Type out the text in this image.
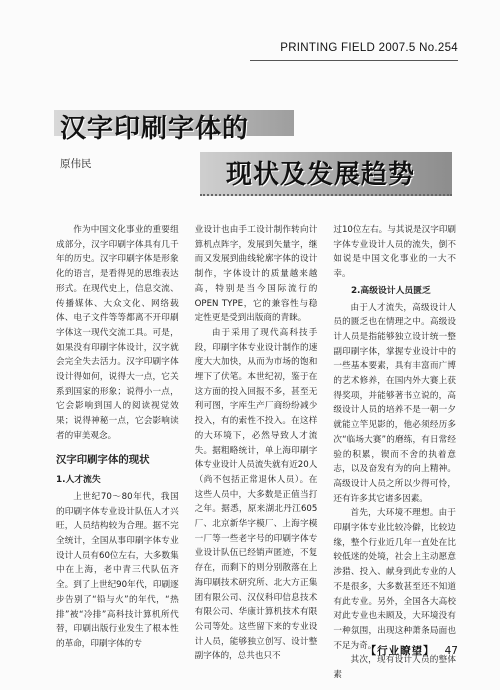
PRINTING FIELD 2007.5 No.254
汉字印刷字体的
现状及发展趋势
原伟民

作为中国文化事业的重要组成部分，汉字印刷字体具有几千年的历史。汉字印刷字体是形象化的语言，是看得见的思维表达形式。在现代史上，信息交流、传播媒体、大众文化、网络载体、电子文件等等都离不开印刷字体这一现代交流工具。可是，如果没有印刷字体设计，汉字就会完全失去活力。汉字印刷字体设计得如何，说得大一点，它关系到国家的形象；说得小一点，它会影响到国人的阅读视觉效果；说得神秘一点，它会影响读者的审美观念。

汉字印刷字体的现状
1.人才流失

上世纪70～80年代，我国的印刷字体专业设计队伍人才兴旺，人员结构较为合理。据不完全统计，全国从事印刷字体专业设计人员有60位左右，大多数集中在上海，老中青三代队伍齐全。到了上世纪90年代，印刷逐步告别了“铅与火”的年代，“热排”被“冷排”高科技计算机所代替，印刷出版行业发生了根本性的革命，印刷字体的专

业设计也由手工设计制作转向计算机点阵字，发展到矢量字，继而又发展到曲线轮廓字体的设计制作，字体设计的质量越来越高，特别是当今国际流行的OPEN TYPE，它的兼容性与稳定性更是受到出版商的青睐。

由于采用了现代高科技手段，印刷字体专业设计制作的速度大大加快，从而为市场的饱和埋下了伏笔。本世纪初，鉴于在这方面的投入回报不多，甚至无利可图，字库生产厂商纷纷减少投入，有的索性不投入。在这样的大环境下，必然导致人才流失。据粗略统计，单上海印刷字体专业设计人员流失就有近20人（尚不包括正常退休人员）。在这些人员中，大多数是正值当打之年。据悉，原来湖北丹江605厂、北京新华字模厂、上海字模一厂等一些老字号的印刷字体专业设计队伍已经销声匿迹，不复存在，而剩下的则分别散落在上海印刷技术研究所、北大方正集团有限公司、汉仪科印信息技术有限公司、华康计算机技术有限公司等处。这些留下来的专业设计人员，能够独立创写、设计整副字体的，总共也只不

过10位左右。与其说是汉字印刷字体专业设计人员的流失，倒不如说是中国文化事业的一大不幸。

2.高级设计人员匮乏

由于人才流失，高级设计人员的匮乏也在情理之中。高级设计人员是指能够独立设计统一整副印刷字体，掌握专业设计中的一些基本要素，具有丰富而广博的艺术修养，在国内外大赛上获得奖项，并能够著书立说的，高级设计人员的培养不是一朝一夕就能立竿见影的，他必须经历多次“临场大赛”的磨练，有日常经验的积累，锲而不舍的执着意志，以及奋发有为的向上精神。高级设计人员之所以少得可怜，还有许多其它诸多因素。

首先，大环境不理想。由于印刷字体专业比较冷僻，比较边缘，整个行业近几年一直处在比较低迷的处境，社会上主动愿意涉猎、投入、献身到此专业的人不是很多，大多数甚至还不知道有此专业。另外，全国各大高校对此专业也未顾及，大环境没有一种氛围，出现这种萧条局面也不足为奇。

其次，现有设计人员的整体素

【行业瞭望】 47
